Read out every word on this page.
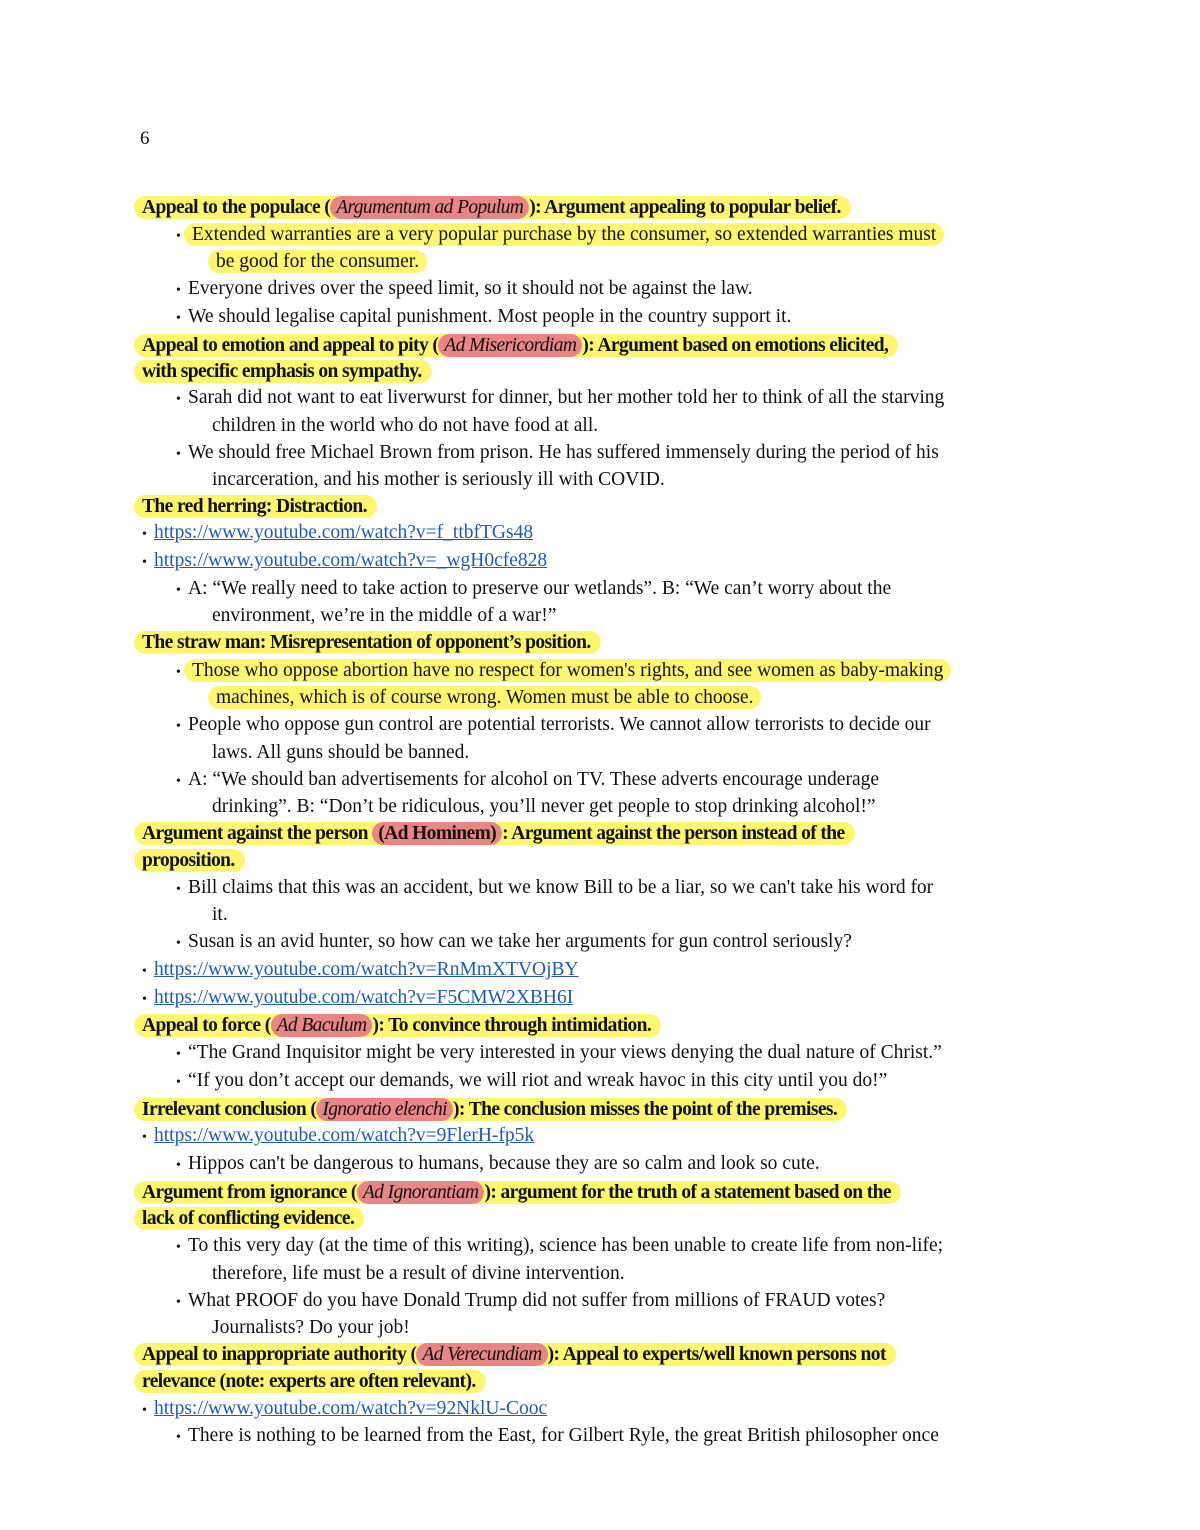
6
Appeal to the populace ( Argumentum ad Populum ): Argument appealing to popular belief.
• Extended warranties are a very popular purchase by the consumer, so extended warranties must
be good for the consumer.
• Everyone drives over the speed limit, so it should not be against the law.
• We should legalise capital punishment. Most people in the country support it.
Appeal to emotion and appeal to pity ( Ad Misericordiam ): Argument based on emotions elicited,
with specific emphasis on sympathy.
• Sarah did not want to eat liverwurst for dinner, but her mother told her to think of all the starving
children in the world who do not have food at all.
• We should free Michael Brown from prison. He has suffered immensely during the period of his
incarceration, and his mother is seriously ill with COVID.
The red herring: Distraction.
• https://www.youtube.com/watch?v=f_ttbfTGs48
• https://www.youtube.com/watch?v=_wgH0cfe828
• A: “We really need to take action to preserve our wetlands”. B: “We can’t worry about the
environment, we’re in the middle of a war!”
The straw man: Misrepresentation of opponent’s position.
• Those who oppose abortion have no respect for women's rights, and see women as baby-making
machines, which is of course wrong. Women must be able to choose.
• People who oppose gun control are potential terrorists. We cannot allow terrorists to decide our
laws. All guns should be banned.
• A: “We should ban advertisements for alcohol on TV. These adverts encourage underage
drinking”. B: “Don’t be ridiculous, you’ll never get people to stop drinking alcohol!”
Argument against the person (Ad Hominem) : Argument against the person instead of the
proposition.
• Bill claims that this was an accident, but we know Bill to be a liar, so we can't take his word for
it.
• Susan is an avid hunter, so how can we take her arguments for gun control seriously?
• https://www.youtube.com/watch?v=RnMmXTVOjBY
• https://www.youtube.com/watch?v=F5CMW2XBH6I
Appeal to force ( Ad Baculum ): To convince through intimidation.
• “The Grand Inquisitor might be very interested in your views denying the dual nature of Christ.”
• “If you don’t accept our demands, we will riot and wreak havoc in this city until you do!”
Irrelevant conclusion ( Ignoratio elenchi ): The conclusion misses the point of the premises.
• https://www.youtube.com/watch?v=9FlerH-fp5k
• Hippos can't be dangerous to humans, because they are so calm and look so cute.
Argument from ignorance ( Ad Ignorantiam ): argument for the truth of a statement based on the
lack of conflicting evidence.
• To this very day (at the time of this writing), science has been unable to create life from non-life;
therefore, life must be a result of divine intervention.
• What PROOF do you have Donald Trump did not suffer from millions of FRAUD votes?
Journalists? Do your job!
Appeal to inappropriate authority ( Ad Verecundiam ): Appeal to experts/well known persons not
relevance (note: experts are often relevant).
• https://www.youtube.com/watch?v=92NklU-Cooc
• There is nothing to be learned from the East, for Gilbert Ryle, the great British philosopher once
